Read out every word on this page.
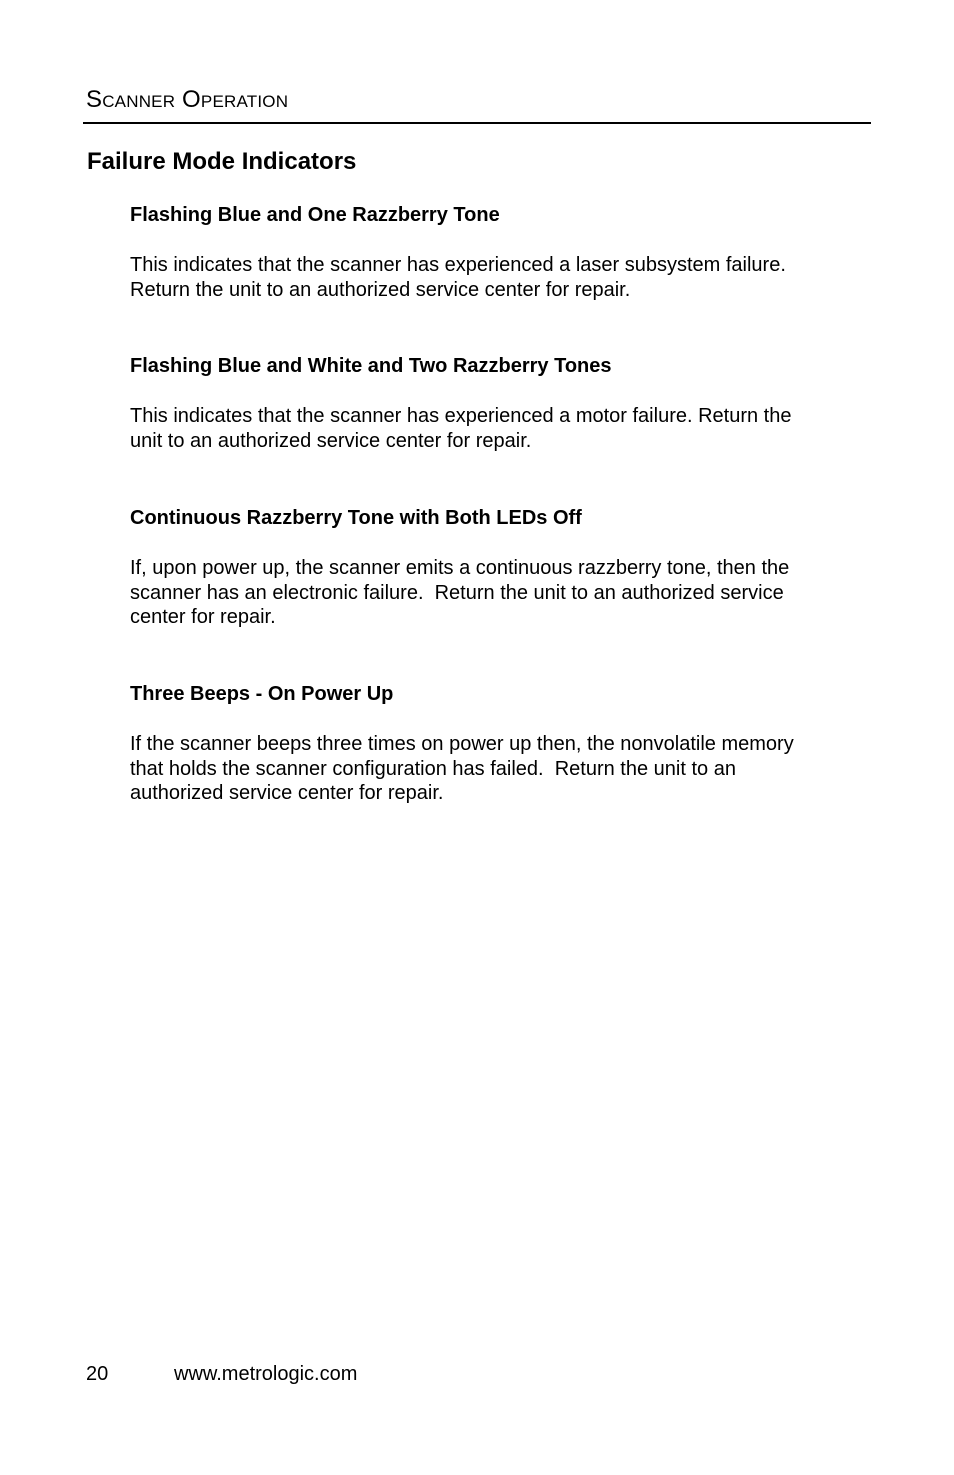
Scanner Operation
Failure Mode Indicators

Flashing Blue and One Razzberry Tone

This indicates that the scanner has experienced a laser subsystem failure.
Return the unit to an authorized service center for repair.

Flashing Blue and White and Two Razzberry Tones

This indicates that the scanner has experienced a motor failure. Return the
unit to an authorized service center for repair.

Continuous Razzberry Tone with Both LEDs Off

If, upon power up, the scanner emits a continuous razzberry tone, then the
scanner has an electronic failure.  Return the unit to an authorized service
center for repair.

Three Beeps - On Power Up

If the scanner beeps three times on power up then, the nonvolatile memory
that holds the scanner configuration has failed.  Return the unit to an
authorized service center for repair.

20	www.metrologic.com
